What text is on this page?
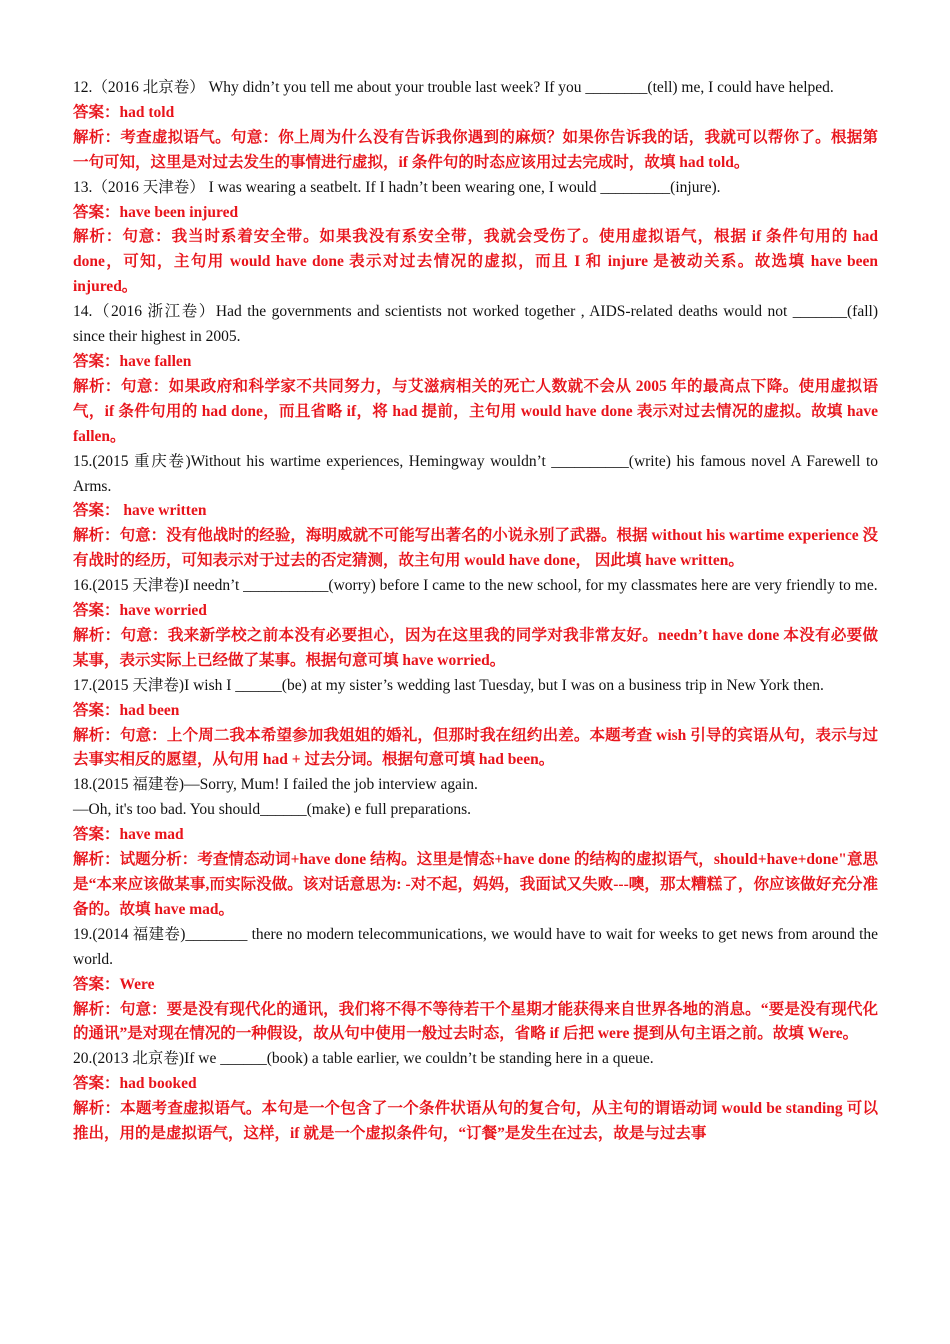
12.（2016 北京卷） Why didn’t you tell me about your trouble last week? If you ________(tell) me, I could have helped.

答案：had told

解析：考查虚拟语气。句意：你上周为什么没有告诉我你遇到的麻烦？如果你告诉我的话，我就可以帮你了。根据第一句可知，这里是对过去发生的事情进行虚拟，if 条件句的时态应该用过去完成时，故填 had told。

13.（2016 天津卷） I was wearing a seatbelt. If I hadn’t been wearing one, I would _________(injure).

答案：have been injured

解析：句意：我当时系着安全带。如果我没有系安全带，我就会受伤了。使用虚拟语气，根据 if 条件句用的 had done，可知，主句用 would have done 表示对过去情况的虚拟，而且 I 和 injure 是被动关系。故选填 have been injured。

14.（2016 浙江卷）Had the governments and scientists not worked together , AIDS-related deaths would not _______(fall) since their highest in 2005.

答案：have fallen

解析：句意：如果政府和科学家不共同努力，与艾滋病相关的死亡人数就不会从 2005 年的最高点下降。使用虚拟语气，if 条件句用的 had done，而且省略 if，将 had 提前，主句用 would have done 表示对过去情况的虚拟。故填 have fallen。

15.(2015 重庆卷)Without his wartime experiences, Hemingway wouldn’t __________(write) his famous novel A Farewell to Arms.

答案： have written

解析：句意：没有他战时的经验，海明威就不可能写出著名的小说永别了武器。根据 without his wartime experience 没有战时的经历，可知表示对于过去的否定猜测，故主句用 would have done， 因此填 have written。

16.(2015 天津卷)I needn’t ___________(worry) before I came to the new school, for my classmates here are very friendly to me.

答案：have worried

解析：句意：我来新学校之前本没有必要担心，因为在这里我的同学对我非常友好。needn’t have done 本没有必要做某事，表示实际上已经做了某事。根据句意可填 have worried。

17.(2015 天津卷)I wish I ______(be) at my sister’s wedding last Tuesday, but I was on a business trip in New York then.

答案：had been

解析：句意：上个周二我本希望参加我姐姐的婚礼，但那时我在纽约出差。本题考查 wish 引导的宾语从句，表示与过去事实相反的愿望，从句用 had + 过去分词。根据句意可填 had been。

18.(2015 福建卷)—Sorry, Mum! I failed the job interview again.

—Oh, it's too bad. You should______(make) e full preparations.

答案：have mad

解析：试题分析：考查情态动词+have done 结构。这里是情态+have done 的结构的虚拟语气，should+have+done"意思是“本来应该做某事,而实际没做。该对话意思为: -对不起，妈妈，我面试又失败---噢，那太糟糕了，你应该做好充分准备的。故填 have mad。

19.(2014 福建卷)________ there no modern telecommunications, we would have to wait for weeks to get news from around the world.

答案：Were

解析：句意：要是没有现代化的通讯，我们将不得不等待若干个星期才能获得来自世界各地的消息。“要是没有现代化的通讯”是对现在情况的一种假设，故从句中使用一般过去时态，省略 if 后把 were 提到从句主语之前。故填 Were。

20.(2013 北京卷)If we ______(book) a table earlier, we couldn’t be standing here in a queue.

答案：had booked

解析：本题考查虚拟语气。本句是一个包含了一个条件状语从句的复合句，从主句的谓语动词 would be standing 可以推出，用的是虚拟语气，这样，if 就是一个虚拟条件句，“订餐”是发生在过去，故是与过去事
